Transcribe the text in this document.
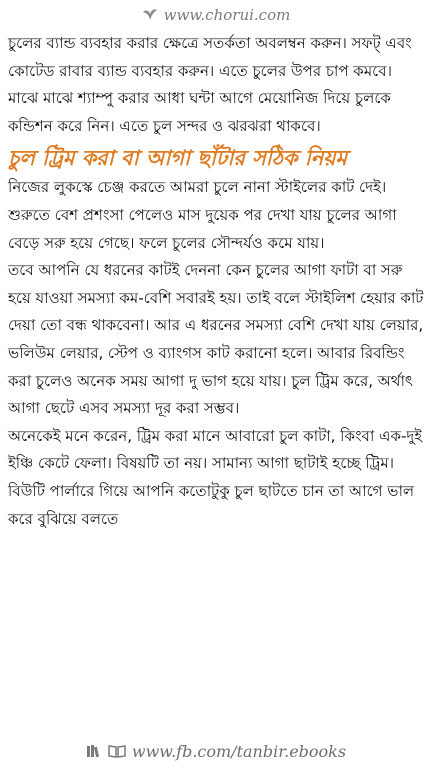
www.chorui.com

চুলের ব্যান্ড ব্যবহার করার ক্ষেত্রে সতর্কতা অবলম্বন করুন। সফট্ এবং কোটেড রাবার ব্যান্ড ব্যবহার করুন। এতে চুলের উপর চাপ কমবে।

মাঝে মাঝে শ্যাম্পু করার আধা ঘন্টা আগে মেয়োনিজ দিয়ে চুলকে কন্ডিশন করে নিন। এতে চুল সন্দর ও ঝরঝরা থাকবে।

চুল ট্রিম করা বা আগা ছাঁটার সঠিক নিয়ম

নিজের লুকস্কে চেঞ্জ করতে আমরা চুলে নানা স্টাইলের কাট দেই। শুরুতে বেশ প্রশংসা পেলেও মাস দুয়েক পর দেখা যায় চুলের আগা বেড়ে সরু হয়ে গেছে। ফলে চুলের সৌন্দর্যও কমে যায়।

তবে আপনি যে ধরনের কাটই দেননা কেন চুলের আগা ফাটা বা সরু হয়ে যাওয়া সমস্যা কম-বেশি সবারই হয়। তাই বলে স্টাইলিশ হেয়ার কাট দেয়া তো বন্ধ থাকবেনা। আর এ ধরনের সমস্যা বেশি দেখা যায় লেয়ার, ভলিউম লেয়ার, স্টেপ ও ব্যাংগস কাট করানো হলে। আবার রিবন্ডিং করা চুলেও অনেক সময় আগা দু ভাগ হয়ে যায়। চুল ট্রিম করে, অর্থাৎ আগা ছেটে এসব সমস্যা দূর করা সম্ভব।

অনেকেই মনে করেন, ট্রিম করা মানে আবারো চুল কাটা, কিংবা এক-দুই ইঞ্চি কেটে ফেলা। বিষয়টি তা নয়। সামান্য আগা ছাটাই হচ্ছে ট্রিম। বিউটি পার্লারে গিয়ে আপনি কতোটুকু চুল ছাটতে চান তা আগে ভাল করে বুঝিয়ে বলতে

www.fb.com/tanbir.ebooks
